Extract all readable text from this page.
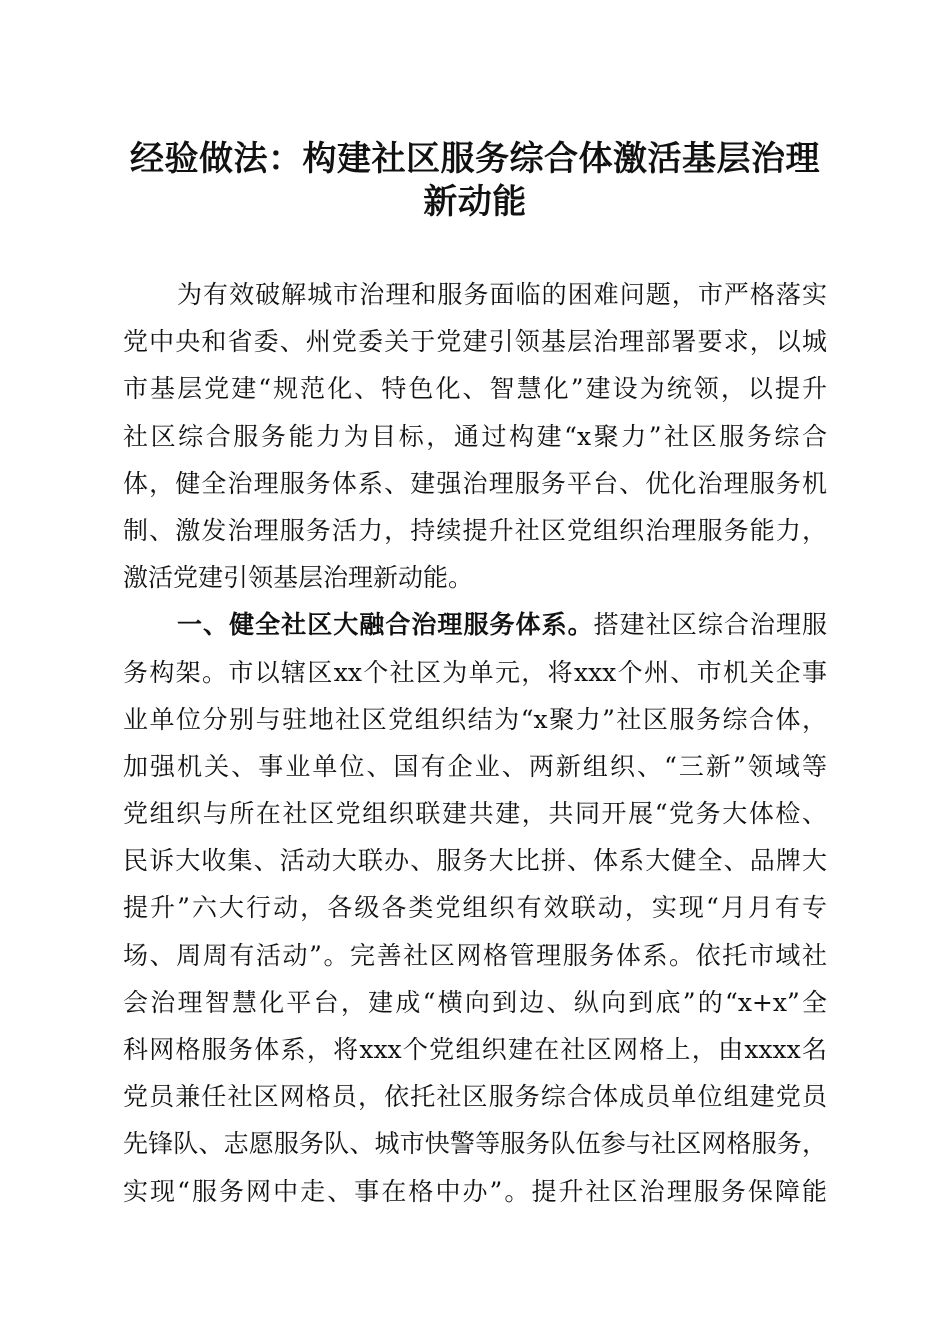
经验做法：构建社区服务综合体激活基层治理
新动能
为有效破解城市治理和服务面临的困难问题，市严格落实
党中央和省委、州党委关于党建引领基层治理部署要求，以城
市基层党建“规范化、特色化、智慧化”建设为统领，以提升
社区综合服务能力为目标，通过构建“x聚力”社区服务综合
体，健全治理服务体系、建强治理服务平台、优化治理服务机
制、激发治理服务活力，持续提升社区党组织治理服务能力，
激活党建引领基层治理新动能。
一、健全社区大融合治理服务体系。搭建社区综合治理服
务构架。市以辖区xx个社区为单元，将xxx个州、市机关企事
业单位分别与驻地社区党组织结为“x聚力”社区服务综合体，
加强机关、事业单位、国有企业、两新组织、“三新”领域等
党组织与所在社区党组织联建共建，共同开展“党务大体检、
民诉大收集、活动大联办、服务大比拼、体系大健全、品牌大
提升”六大行动，各级各类党组织有效联动，实现“月月有专
场、周周有活动”。完善社区网格管理服务体系。依托市域社
会治理智慧化平台，建成“横向到边、纵向到底”的“x+x”全
科网格服务体系，将xxx个党组织建在社区网格上，由xxxx名
党员兼任社区网格员，依托社区服务综合体成员单位组建党员
先锋队、志愿服务队、城市快警等服务队伍参与社区网格服务，
实现“服务网中走、事在格中办”。提升社区治理服务保障能
